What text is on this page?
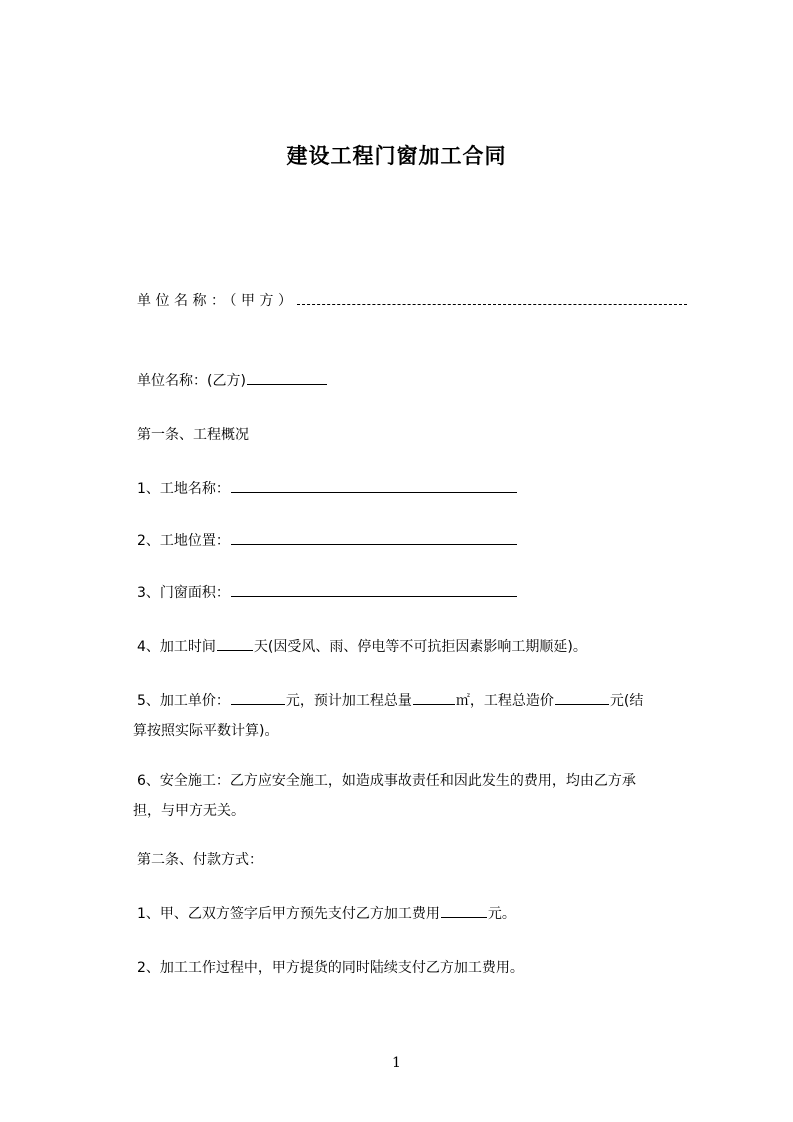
建设工程门窗加工合同
单位名称：（甲方）
单位名称：(乙方)
第一条、工程概况
1、工地名称：
2、工地位置：
3、门窗面积：
4、加工时间	天(因受风、雨、停电等不可抗拒因素影响工期顺延)。
5、加工单价：	元，预计加工程总量	㎡，工程总造价	元(结
算按照实际平数计算)。
6、安全施工：乙方应安全施工，如造成事故责任和因此发生的费用，均由乙方承
担，与甲方无关。
第二条、付款方式：
1、甲、乙双方签字后甲方预先支付乙方加工费用	元。
2、加工工作过程中，甲方提货的同时陆续支付乙方加工费用。
1
